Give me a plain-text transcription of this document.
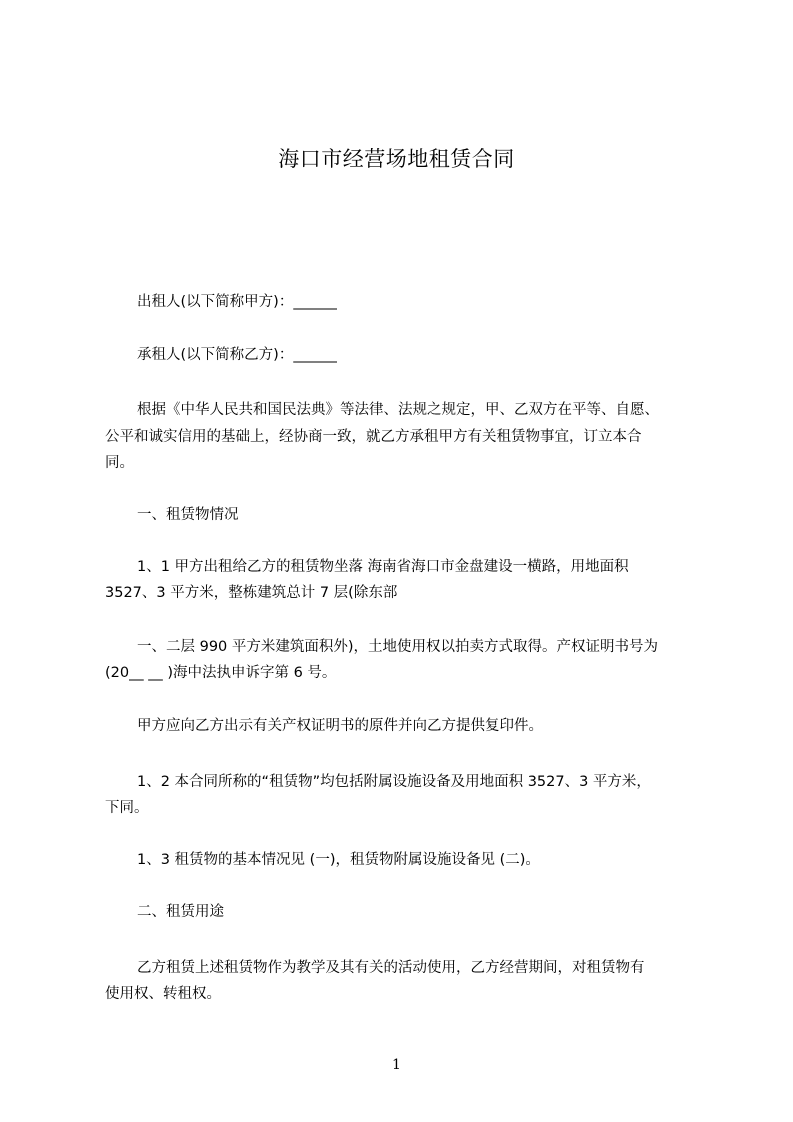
海口市经营场地租赁合同
出租人(以下简称甲方)：______
承租人(以下简称乙方)：______
根据《中华人民共和国民法典》等法律、法规之规定，甲、乙双方在平等、自愿、
公平和诚实信用的基础上，经协商一致，就乙方承租甲方有关租赁物事宜，订立本合
同。
一、租赁物情况
1、1 甲方出租给乙方的租赁物坐落 海南省海口市金盘建设一横路，用地面积
3527、3 平方米，整栋建筑总计 7 层(除东部
一、二层 990 平方米建筑面积外)，土地使用权以拍卖方式取得。产权证明书号为
(20__ __ )海中法执申诉字第 6 号。
甲方应向乙方出示有关产权证明书的原件并向乙方提供复印件。
1、2 本合同所称的“租赁物”均包括附属设施设备及用地面积 3527、3 平方米，
下同。
1、3 租赁物的基本情况见 (一)，租赁物附属设施设备见 (二)。
二、租赁用途
乙方租赁上述租赁物作为教学及其有关的活动使用，乙方经营期间，对租赁物有
使用权、转租权。
1
